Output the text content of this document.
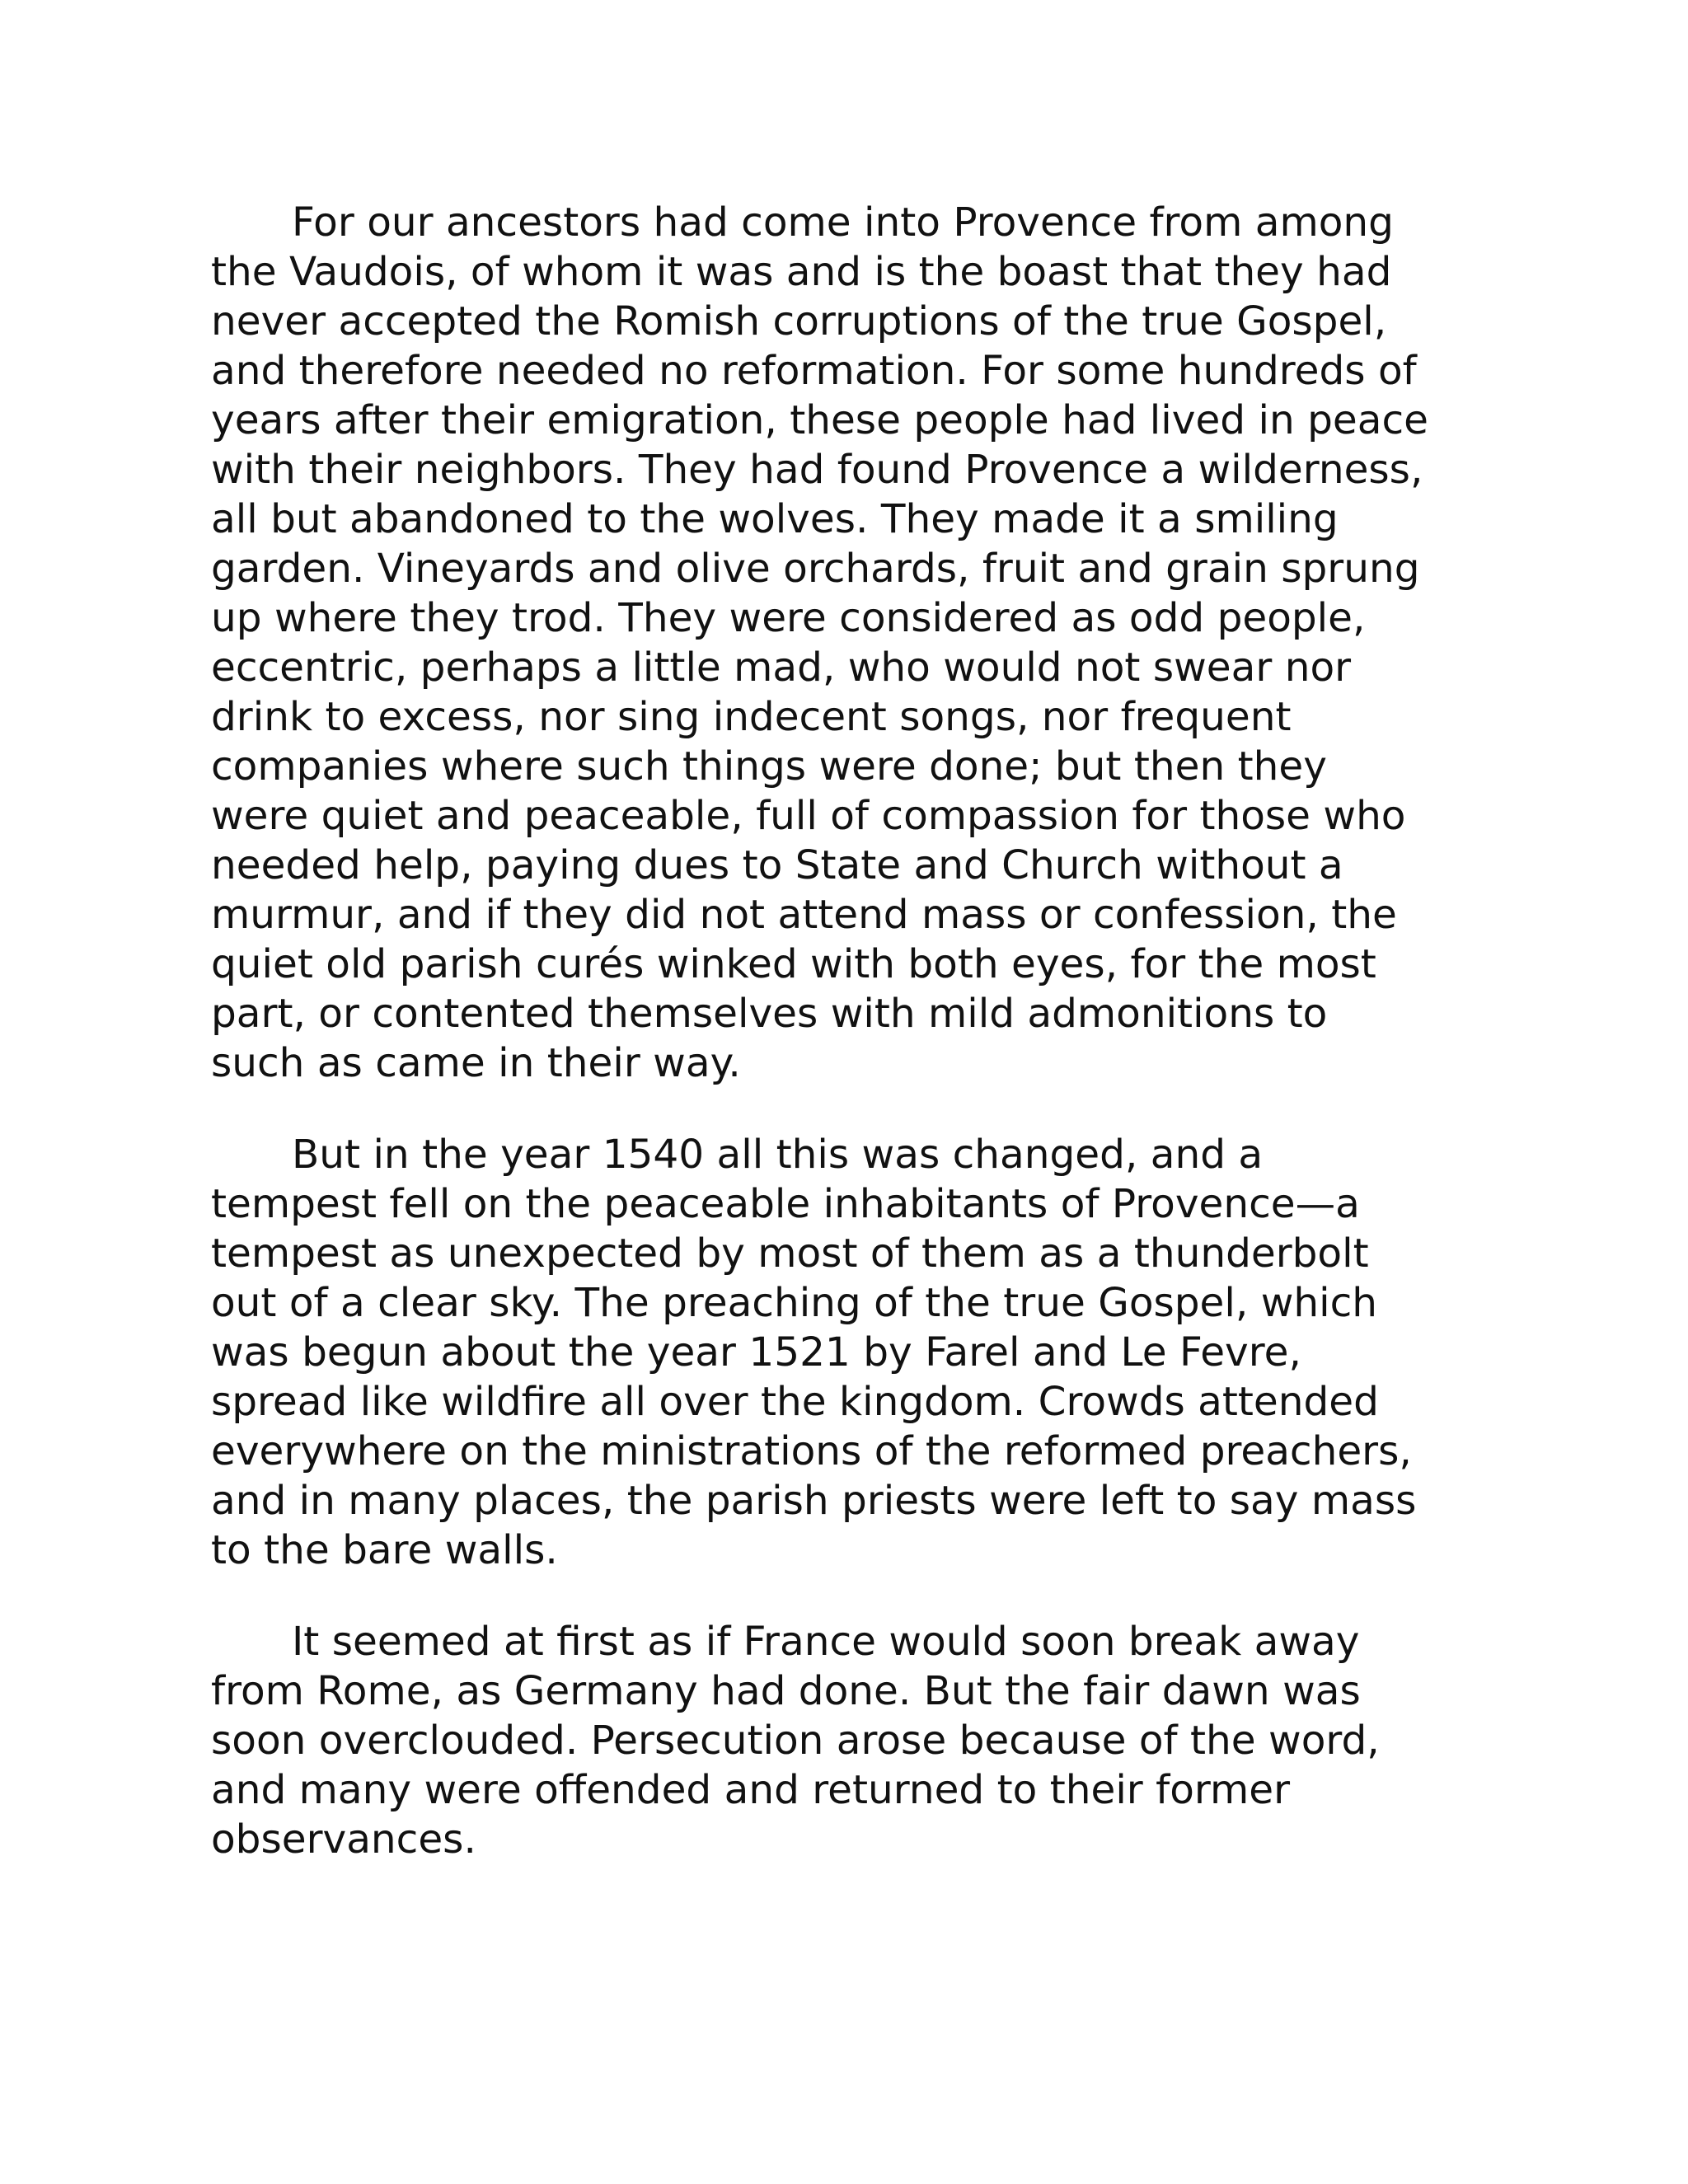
For our ancestors had come into Provence from among
the Vaudois, of whom it was and is the boast that they had
never accepted the Romish corruptions of the true Gospel,
and therefore needed no reformation. For some hundreds of
years after their emigration, these people had lived in peace
with their neighbors. They had found Provence a wilderness,
all but abandoned to the wolves. They made it a smiling
garden. Vineyards and olive orchards, fruit and grain sprung
up where they trod. They were considered as odd people,
eccentric, perhaps a little mad, who would not swear nor
drink to excess, nor sing indecent songs, nor frequent
companies where such things were done; but then they
were quiet and peaceable, full of compassion for those who
needed help, paying dues to State and Church without a
murmur, and if they did not attend mass or confession, the
quiet old parish curés winked with both eyes, for the most
part, or contented themselves with mild admonitions to
such as came in their way.

But in the year 1540 all this was changed, and a
tempest fell on the peaceable inhabitants of Provence—a
tempest as unexpected by most of them as a thunderbolt
out of a clear sky. The preaching of the true Gospel, which
was begun about the year 1521 by Farel and Le Fevre,
spread like wildfire all over the kingdom. Crowds attended
everywhere on the ministrations of the reformed preachers,
and in many places, the parish priests were left to say mass
to the bare walls.

It seemed at first as if France would soon break away
from Rome, as Germany had done. But the fair dawn was
soon overclouded. Persecution arose because of the word,
and many were offended and returned to their former
observances.
